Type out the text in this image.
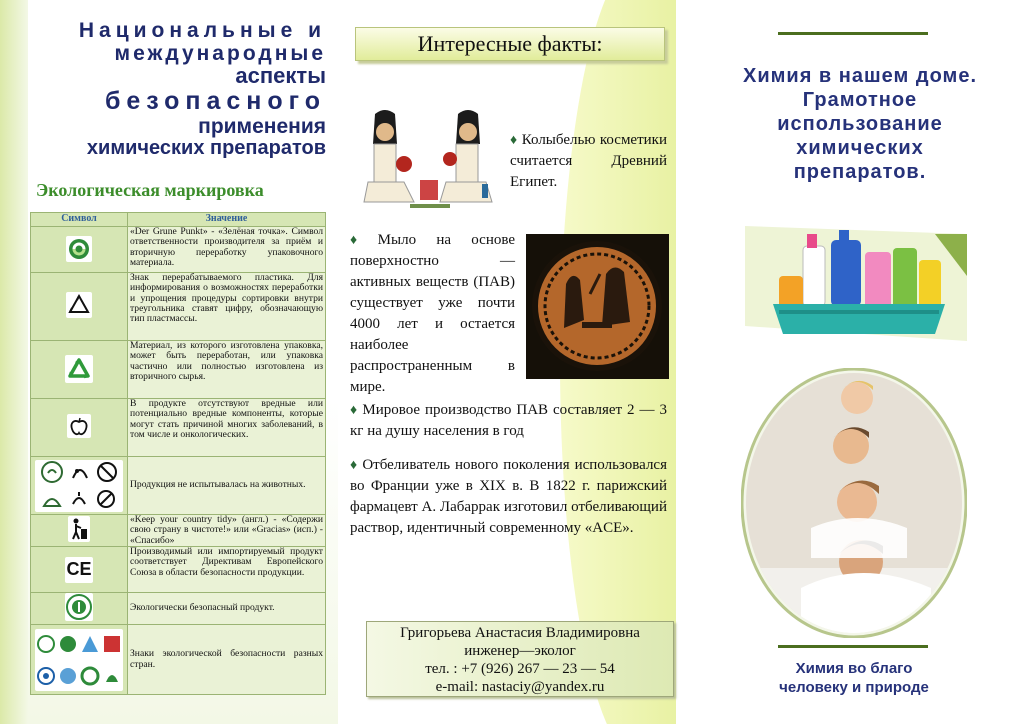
Национальные и
международные
аспекты
безопасного
применения
химических препаратов
Экологическая маркировка
Символ	Значение

	«Der Grune Punkt» - «Зелёная точка». Символ ответственности производителя за приём и вторичную переработку упаковочного материала.

	Знак перерабатываемого пластика. Для информирования о возможностях переработки и упрощения процедуры сортировки внутри треугольника ставят цифру, обозначающую тип пластмассы.

	Материал, из которого изготовлена упаковка, может быть переработан, или упаковка частично или полностью изготовлена из вторичного сырья.

	В продукте отсутствуют вредные или потенциально вредные компоненты, которые могут стать причиной многих заболеваний, в том числе и онкологических.

	Продукция не испытывалась на животных.

	«Keep your country tidy» (англ.) - «Содержи свою страну в чистоте!» или «Gracias» (исп.) - «Спасибо»
CE	Производимый или импортируемый продукт соответствует Директивам Европейского Союза в области безопасности продукции.

	Экологически безопасный продукт.

	Знаки экологической безопасности разных стран.
Интересные факты:
♦ Колыбелью косметики считается Древний Египет.
♦ Мыло на основе поверхностно — активных веществ (ПАВ) существует уже почти 4000 лет и остается наиболее распространенным в мире.
♦ Мировое производство ПАВ составляет 2 — 3 кг на душу населения в год
♦ Отбеливатель нового поколения использовался во Франции уже в XIX в. В 1822 г. парижский фармацевт А. Лабаррак изготовил отбеливающий раствор, идентичный современному «ACE».
Григорьева Анастасия Владимировна
инженер—эколог
тел. : +7 (926) 267 — 23 — 54
e-mail: nastaciy@yandex.ru
Химия в нашем доме.
Грамотное
использование
химических
препаратов.
Химия во благо
человеку и природе
